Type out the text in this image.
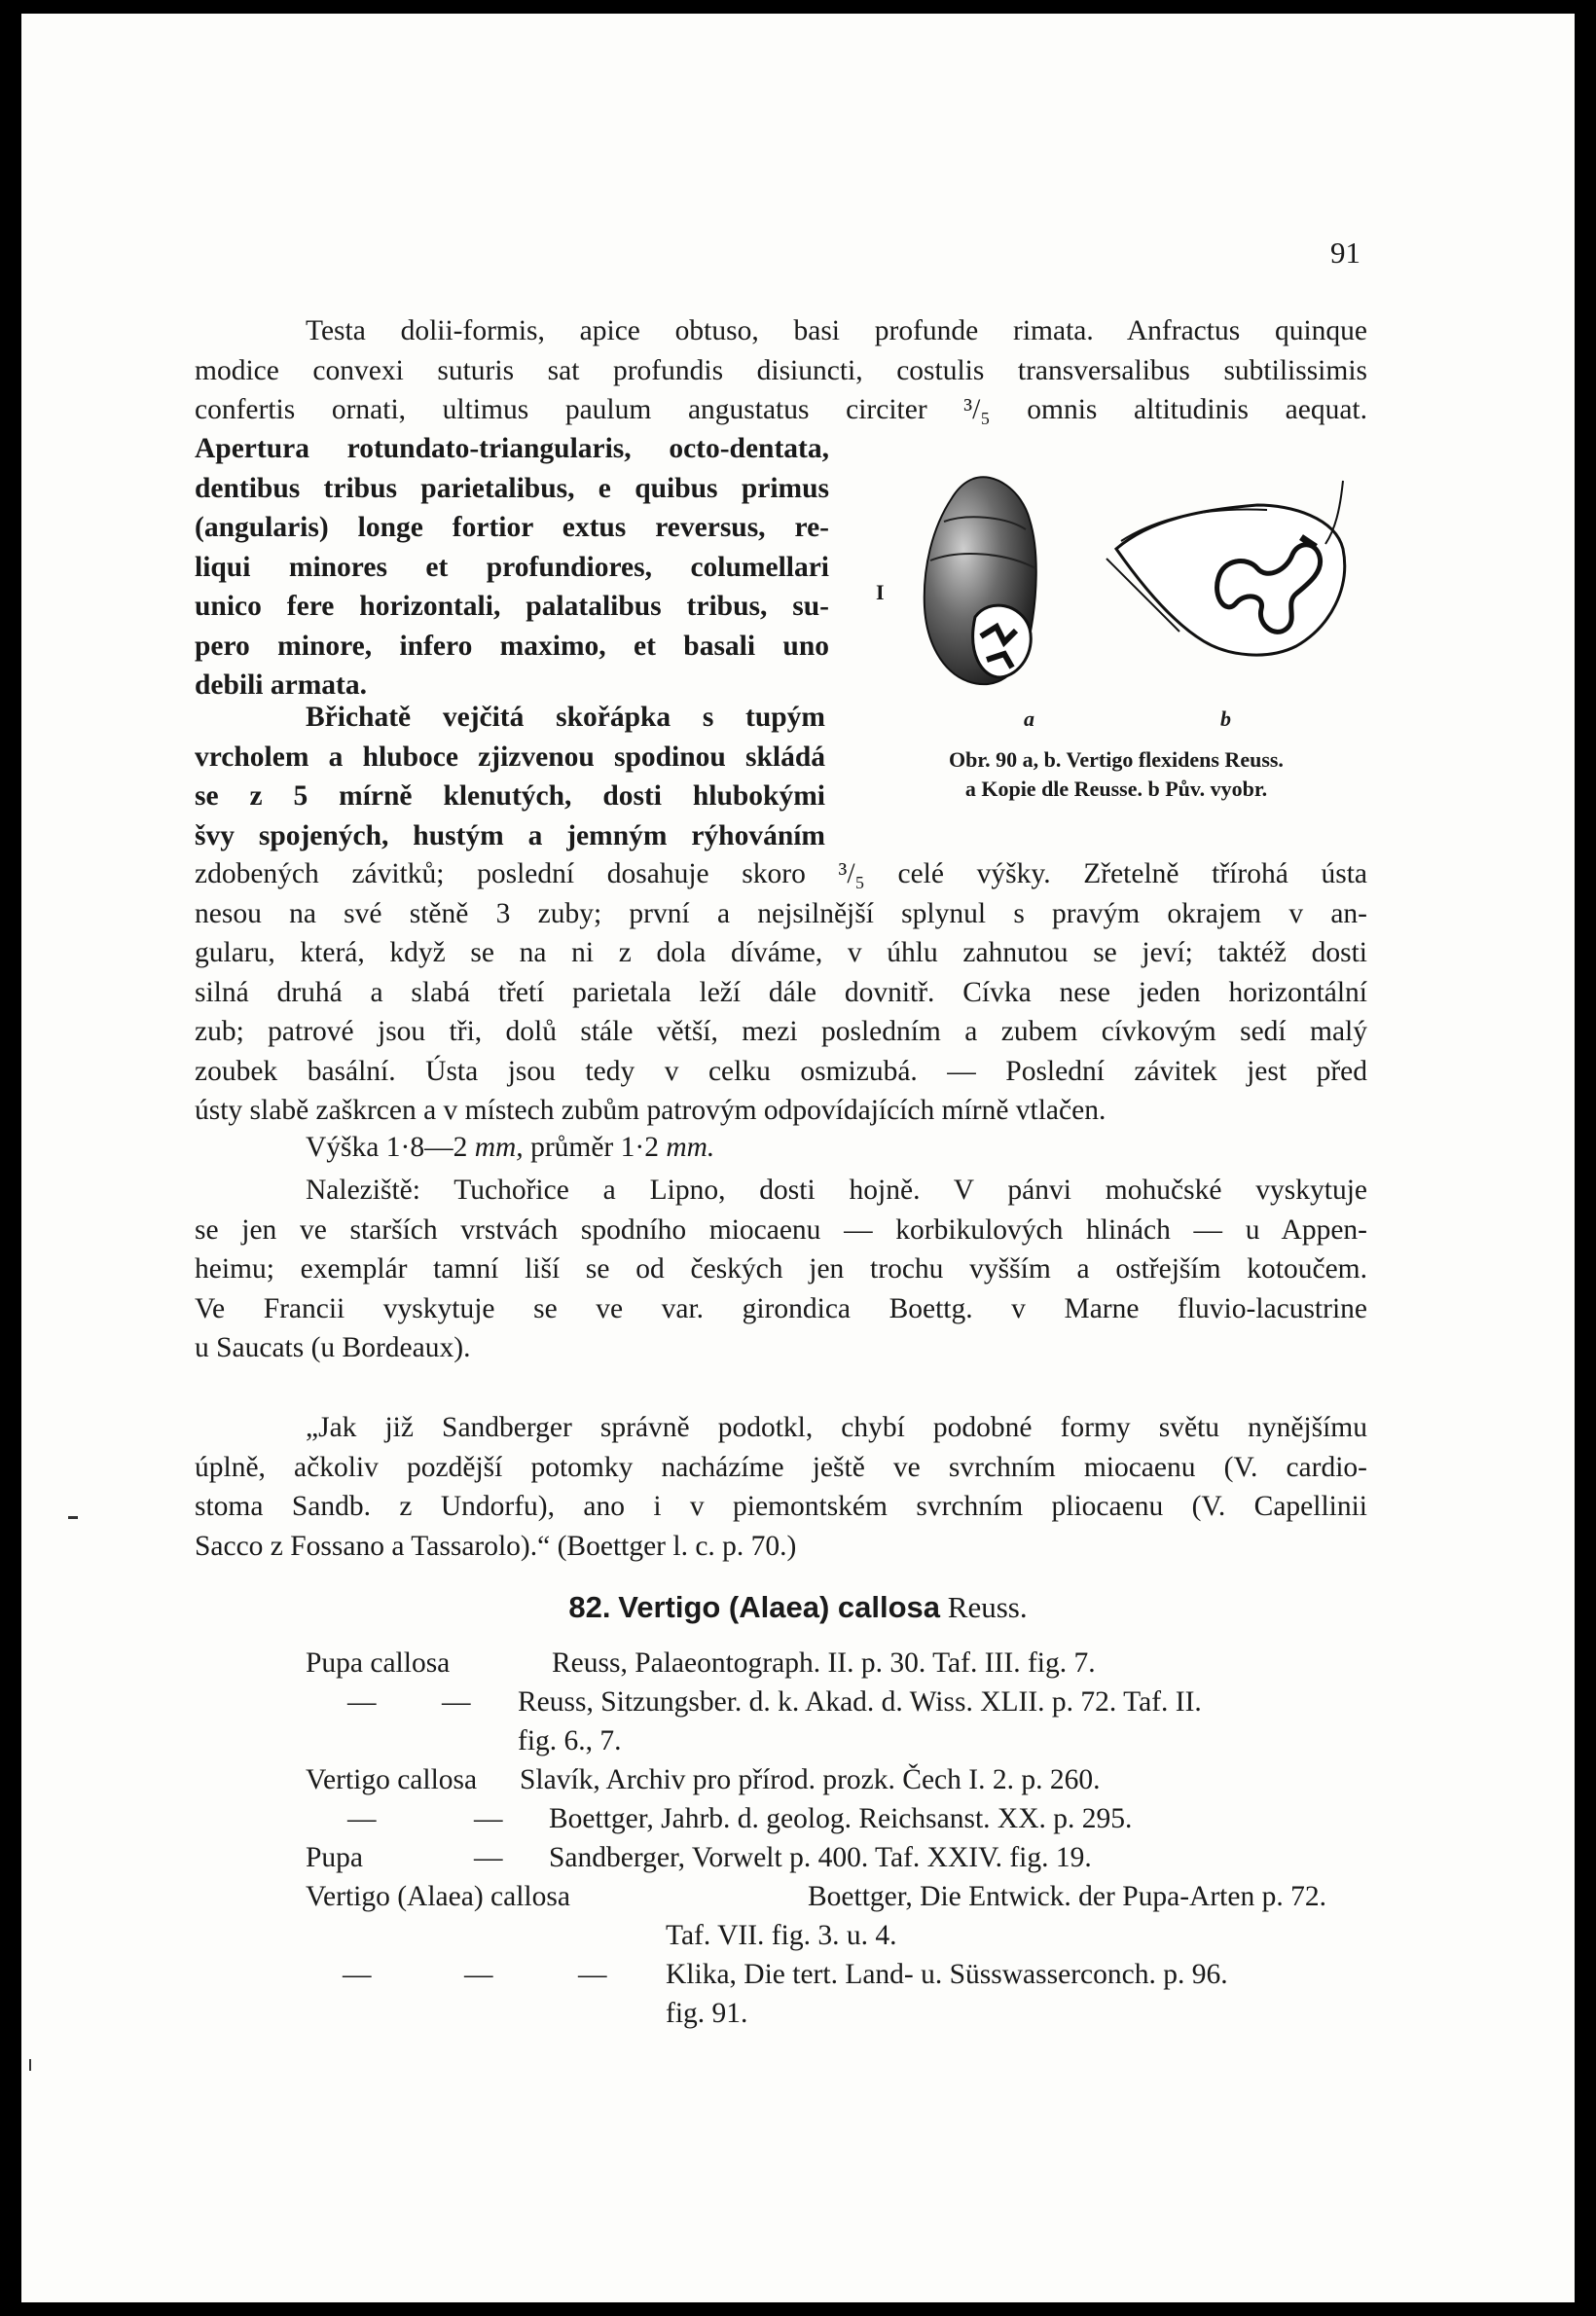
91
Testa dolii-formis, apice obtuso, basi profunde rimata. Anfractus quinque
modice convexi suturis sat profundis disiuncti, costulis transversalibus subtilissimis
confertis ornati, ultimus paulum angustatus circiter ³/₅ omnis altitudinis aequat.
Apertura rotundato-triangularis, octo-dentata,
dentibus tribus parietalibus, e quibus primus
(angularis) longe fortior extus reversus, re-
liqui minores et profundiores, columellari
unico fere horizontali, palatalibus tribus, su-
pero minore, infero maximo, et basali uno
debili armata.
I
a	b
Obr. 90 a, b. Vertigo flexidens Reuss.
a Kopie dle Reusse. b Pův. vyobr.
Břichatě vejčitá skořápka s tupým
vrcholem a hluboce zjizvenou spodinou skládá
se z 5 mírně klenutých, dosti hlubokými
švy spojených, hustým a jemným rýhováním
zdobených závitků; poslední dosahuje skoro ³/₅ celé výšky. Zřetelně třírohá ústa
nesou na své stěně 3 zuby; první a nejsilnější splynul s pravým okrajem v an-
gularu, která, když se na ni z dola díváme, v úhlu zahnutou se jeví; taktéž dosti
silná druhá a slabá třetí parietala leží dále dovnitř. Cívka nese jeden horizontální
zub; patrové jsou tři, dolů stále větší, mezi posledním a zubem cívkovým sedí malý
zoubek basální. Ústa jsou tedy v celku osmizubá. — Poslední závitek jest před
ústy slabě zaškrcen a v místech zubům patrovým odpovídajících mírně vtlačen.
Výška 1·8—2 mm, průměr 1·2 mm.
Naleziště: Tuchořice a Lipno, dosti hojně. V pánvi mohučské vyskytuje
se jen ve starších vrstvách spodního miocaenu — korbikulových hlinách — u Appen-
heimu; exemplár tamní liší se od českých jen trochu vyšším a ostřejším kotoučem.
Ve Francii vyskytuje se ve var. girondica Boettg. v Marne fluvio-lacustrine
u Saucats (u Bordeaux).
„Jak již Sandberger správně podotkl, chybí podobné formy světu nynějšímu
úplně, ačkoliv pozdější potomky nacházíme ještě ve svrchním miocaenu (V. cardio-
stoma Sandb. z Undorfu), ano i v piemontském svrchním pliocaenu (V. Capellinii
Sacco z Fossano a Tassarolo).“ (Boettger l. c. p. 70.)
82. Vertigo (Alaea) callosa Reuss.
Pupa callosa	Reuss, Palaeontograph. II. p. 30. Taf. III. fig. 7.
— — Reuss, Sitzungsber. d. k. Akad. d. Wiss. XLII. p. 72. Taf. II.
fig. 6., 7.
Vertigo callosa Slavík, Archiv pro přírod. prozk. Čech I. 2. p. 260.
—	— Boettger, Jahrb. d. geolog. Reichsanst. XX. p. 295.
Pupa	— Sandberger, Vorwelt p. 400. Taf. XXIV. fig. 19.
Vertigo (Alaea) callosa	Boettger, Die Entwick. der Pupa-Arten p. 72.
Taf. VII. fig. 3. u. 4.
—	—	— Klika, Die tert. Land- u. Süsswasserconch. p. 96.
fig. 91.
